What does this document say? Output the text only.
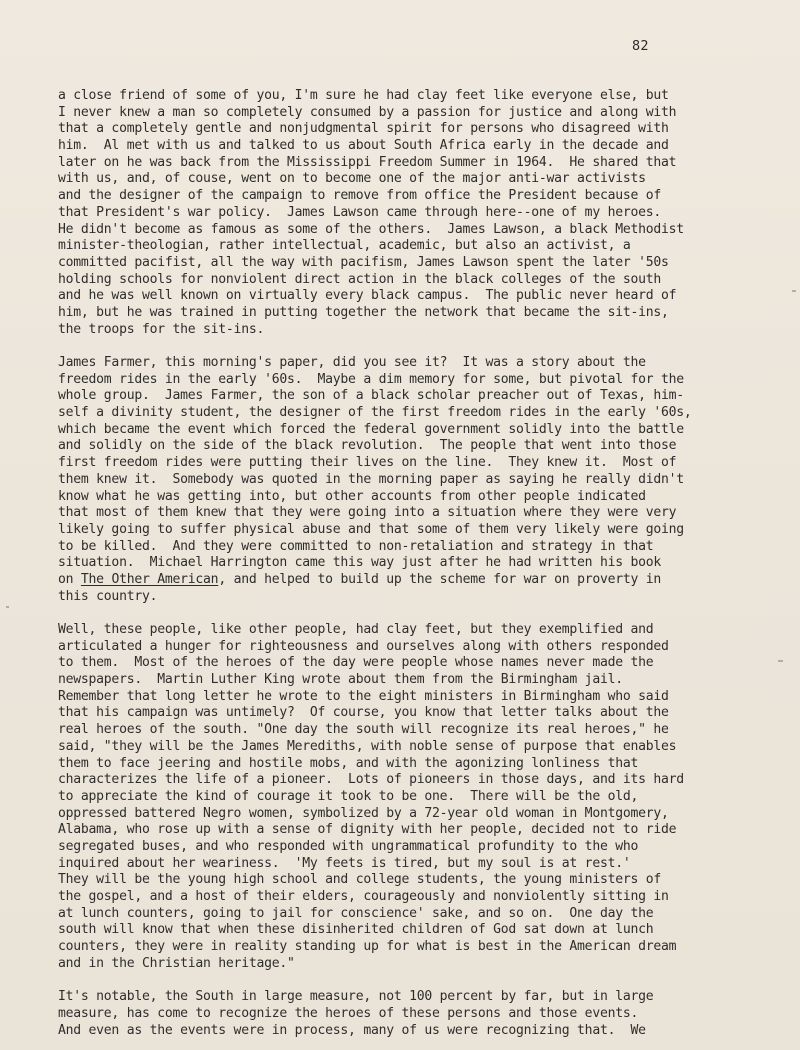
82
a close friend of some of you, I'm sure he had clay feet like everyone else, but
I never knew a man so completely consumed by a passion for justice and along with
that a completely gentle and nonjudgmental spirit for persons who disagreed with
him.  Al met with us and talked to us about South Africa early in the decade and
later on he was back from the Mississippi Freedom Summer in 1964.  He shared that
with us, and, of couse, went on to become one of the major anti-war activists
and the designer of the campaign to remove from office the President because of
that President's war policy.  James Lawson came through here--one of my heroes.
He didn't become as famous as some of the others.  James Lawson, a black Methodist
minister-theologian, rather intellectual, academic, but also an activist, a
committed pacifist, all the way with pacifism, James Lawson spent the later '50s
holding schools for nonviolent direct action in the black colleges of the south
and he was well known on virtually every black campus.  The public never heard of
him, but he was trained in putting together the network that became the sit-ins,
the troops for the sit-ins.
James Farmer, this morning's paper, did you see it?  It was a story about the
freedom rides in the early '60s.  Maybe a dim memory for some, but pivotal for the
whole group.  James Farmer, the son of a black scholar preacher out of Texas, him-
self a divinity student, the designer of the first freedom rides in the early '60s,
which became the event which forced the federal government solidly into the battle
and solidly on the side of the black revolution.  The people that went into those
first freedom rides were putting their lives on the line.  They knew it.  Most of
them knew it.  Somebody was quoted in the morning paper as saying he really didn't
know what he was getting into, but other accounts from other people indicated
that most of them knew that they were going into a situation where they were very
likely going to suffer physical abuse and that some of them very likely were going
to be killed.  And they were committed to non-retaliation and strategy in that
situation.  Michael Harrington came this way just after he had written his book
on The Other American, and helped to build up the scheme for war on proverty in
this country.
Well, these people, like other people, had clay feet, but they exemplified and
articulated a hunger for righteousness and ourselves along with others responded
to them.  Most of the heroes of the day were people whose names never made the
newspapers.  Martin Luther King wrote about them from the Birmingham jail.
Remember that long letter he wrote to the eight ministers in Birmingham who said
that his campaign was untimely?  Of course, you know that letter talks about the
real heroes of the south. "One day the south will recognize its real heroes," he
said, "they will be the James Merediths, with noble sense of purpose that enables
them to face jeering and hostile mobs, and with the agonizing lonliness that
characterizes the life of a pioneer.  Lots of pioneers in those days, and its hard
to appreciate the kind of courage it took to be one.  There will be the old,
oppressed battered Negro women, symbolized by a 72-year old woman in Montgomery,
Alabama, who rose up with a sense of dignity with her people, decided not to ride
segregated buses, and who responded with ungrammatical profundity to the who
inquired about her weariness.  'My feets is tired, but my soul is at rest.'
They will be the young high school and college students, the young ministers of
the gospel, and a host of their elders, courageously and nonviolently sitting in
at lunch counters, going to jail for conscience' sake, and so on.  One day the
south will know that when these disinherited children of God sat down at lunch
counters, they were in reality standing up for what is best in the American dream
and in the Christian heritage."
It's notable, the South in large measure, not 100 percent by far, but in large
measure, has come to recognize the heroes of these persons and those events.
And even as the events were in process, many of us were recognizing that.  We
